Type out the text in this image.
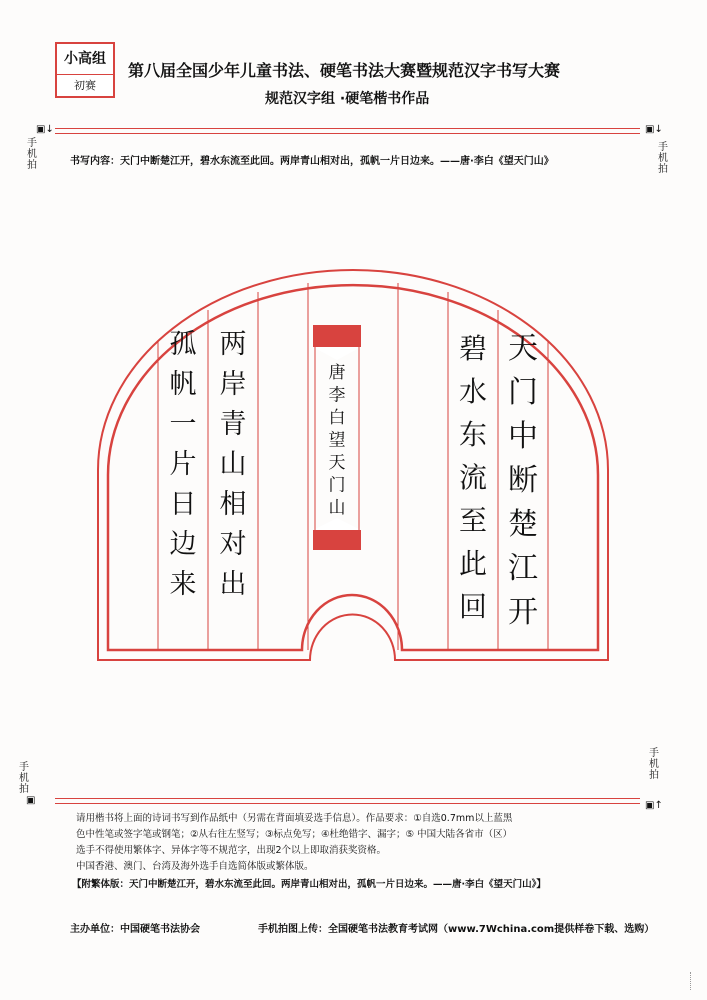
小高组
初赛
第八届全国少年儿童书法、硬笔书法大赛暨规范汉字书写大赛
规范汉字组 ·硬笔楷书作品
▣↓	▣↓
手
机
拍
手
机
拍
书写内容：天门中断楚江开，碧水东流至此回。两岸青山相对出，孤帆一片日边来。——唐·李白《望天门山》
天
门
中
断
楚
江
开
碧
水
东
流
至
此
回
唐
李
白
望
天
门
山
两
岸
青
山
相
对
出
孤
帆
一
片
日
边
来
▣	▣↑
手
机
拍
手
机
拍
请用楷书将上面的诗词书写到作品纸中（另需在背面填妥选手信息）。作品要求：①自选0.7mm以上蓝黑
色中性笔或签字笔或钢笔；②从右往左竖写；③标点免写；④杜绝错字、漏字；⑤ 中国大陆各省市（区）
选手不得使用繁体字、异体字等不规范字，出现2个以上即取消获奖资格。
中国香港、澳门、台湾及海外选手自选简体版或繁体版。
【附繁体版：天门中断楚江开，碧水东流至此回。两岸青山相对出，孤帆一片日边来。——唐·李白《望天门山》】
主办单位：中国硬笔书法协会	手机拍图上传：全国硬笔书法教育考试网（www.7Wchina.com提供样卷下载、选购）
